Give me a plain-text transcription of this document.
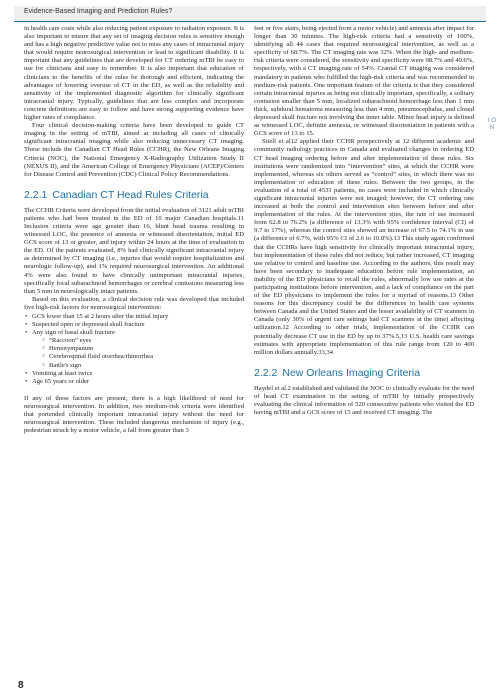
Evidence-Based Imaging and Prediction Rules?

in health care costs while also reducing patient exposure to radiation exposure. It is also important to ensure that any set of imaging decision rules is sensitive enough and has a high negative predictive value not to miss any cases of intracranial injury that would require neurosurgical intervention or lead to significant disability. It is important that any guidelines that are developed for CT ordering mTBI be easy to use for clinicians and easy to remember. It is also important that education of clinicians to the benefits of the rules be thorough and efficient, indicating the advantages of lowering overuse of CT in the ED, as well as the reliability and sensitivity of the implemented diagnostic algorithm for clinically significant intracranial injury. Typically, guidelines that are less complex and incorporate concrete definitions are easy to follow and have strong supporting evidence have higher rates of compliance.

Four clinical decision-making criteria have been developed to guide CT imaging in the setting of mTBI, aimed at including all cases of clinically significant intracranial imaging while also reducing unnecessary CT imaging. These include the Canadian CT Head Rules (CCHR), the New Orleans Imaging Criteria (NOC), the National Emergency X-Radiography Utilization Study II (NEXUS II), and the American College of Emergency Physicians (ACEP)/Centers for Disease Control and Prevention (CDC) Clinical Policy Recommendations.

2.2.1 Canadian CT Head Rules Criteria

The CCHR Criteria were developed from the initial evaluation of 3121 adult mTBI patients who had been treated in the ED of 10 major Canadian hospitals.11 Inclusion criteria were age greater than 16, blunt head trauma resulting in witnessed LOC, the presence of amnesia or witnessed disorientation, initial ED GCS score of 13 or greater, and injury within 24 hours at the time of evaluation in the ED. Of the patients evaluated, 8% had clinically significant intracranial injury as determined by CT imaging (i.e., injuries that would require hospitalization and neurologic follow-up), and 1% required neurosurgical intervention. An additional 4% were also found to have clinically unimportant intracranial injuries, specifically focal subarachnoid hemorrhages or cerebral contusions measuring less than 5 mm in neurologically intact patients.

Based on this evaluation, a clinical decision rule was developed that included five high-risk factors for neurosurgical intervention:

• GCS lower than 15 at 2 hours after the initial injury
• Suspected open or depressed skull fracture
• Any sign of basal skull fracture
○ “Raccoon” eyes
○ Hemotympanum
○ Cerebrospinal fluid otorrhea/rhinorrhea
○ Battle's sign
• Vomiting at least twice
• Age 65 years or older

If any of these factors are present, there is a high likelihood of need for neurosurgical intervention. In addition, two medium-risk criteria were identified that portended clinically important intracranial injury without the need for neurosurgical intervention. These included dangerous mechanism of injury (e.g., pedestrian struck by a motor vehicle, a fall from greater than 3

feet or five stairs, being ejected from a motor vehicle) and amnesia after impact for longer than 30 minutes. The high-risk criteria had a sensitivity of 100%, identifying all 44 cases that required neurosurgical intervention, as well as a specificity of 68.7%. The CT imaging rate was 32%. When the high- and medium-risk criteria were considered, the sensitivity and specificity were 98.7% and 49.6%, respectively, with a CT imaging rate of 54%. Cranial CT imaging was considered mandatory in patients who fulfilled the high-risk criteria and was recommended in medium-risk patients. One important feature of the criteria is that they considered certain intracranial injuries as being not clinically important, specifically, a solitary contusion smaller than 5 mm, localized subarachnoid hemorrhage less than 1 mm thick, subdural hematoma measuring less than 4 mm, pneumocephalus, and closed depressed skull fracture not involving the inner table. Minor head injury is defined as witnessed LOC, definite amnesia, or witnessed disorientation in patients with a GCS score of 13 to 15.

Stiell et al12 applied their CCHR prospectively at 12 different academic and community radiology practices in Canada and evaluated changes in ordering ED CT head imaging ordering before and after implementation of these rules. Six institutions were randomized into “intervention” sites, at which the CCHR were implemented, whereas six others served as “control” sites, in which there was no implementation or education of these rules. Between the two groups, in the evaluation of a total of 4531 patients, no cases were included in which clinically significant intracranial injuries were not imaged; however, the CT ordering rate increased at both the control and intervention sites between before and after implementation of the rules. At the intervention sites, the rate of use increased from 62.8 to 76.2% (a difference of 13.3% with 95% confidence interval (CI) of 9.7 to 17%), whereas the control sites showed an increase of 67.5 to 74.1% in use (a difference of 6.7%, with 95% CI of 2.6 to 10.8%).13 This study again confirmed that the CCHRs have high sensitivity for clinically important intracranial injury, but implementation of these rules did not reduce, but rather increased, CT imaging use relative to control and baseline use. According to the authors, this result may have been secondary to inadequate education before rule implementation, an inability of the ED physicians to recall the rules, abnormally low use rates at the participating institutions before intervention, and a lack of compliance on the part of the ED physicians to implement the rules for a myriad of reasons.13 Other reasons for this discrepancy could be the differences in health care systems between Canada and the United States and the lesser availability of CT scanners in Canada (only 30% of urgent care settings had CT scanners at the time) affecting utilization.12 According to other trials, implementation of the CCHR can potentially decrease CT use in the ED by up to 37%.5,13 U.S. health care savings estimates with appropriate implementation of this rule range from 120 to 400 million dollars annually.33,34

2.2.2 New Orleans Imaging Criteria

Haydel et al.2 established and validated the NOC to clinically evaluate for the need of head CT examination in the setting of mTBI by initially prospectively evaluating the clinical information of 520 consecutive patients who visited the ED having mTBI and a GCS score of 15 and received CT imaging. The

I O N
8
